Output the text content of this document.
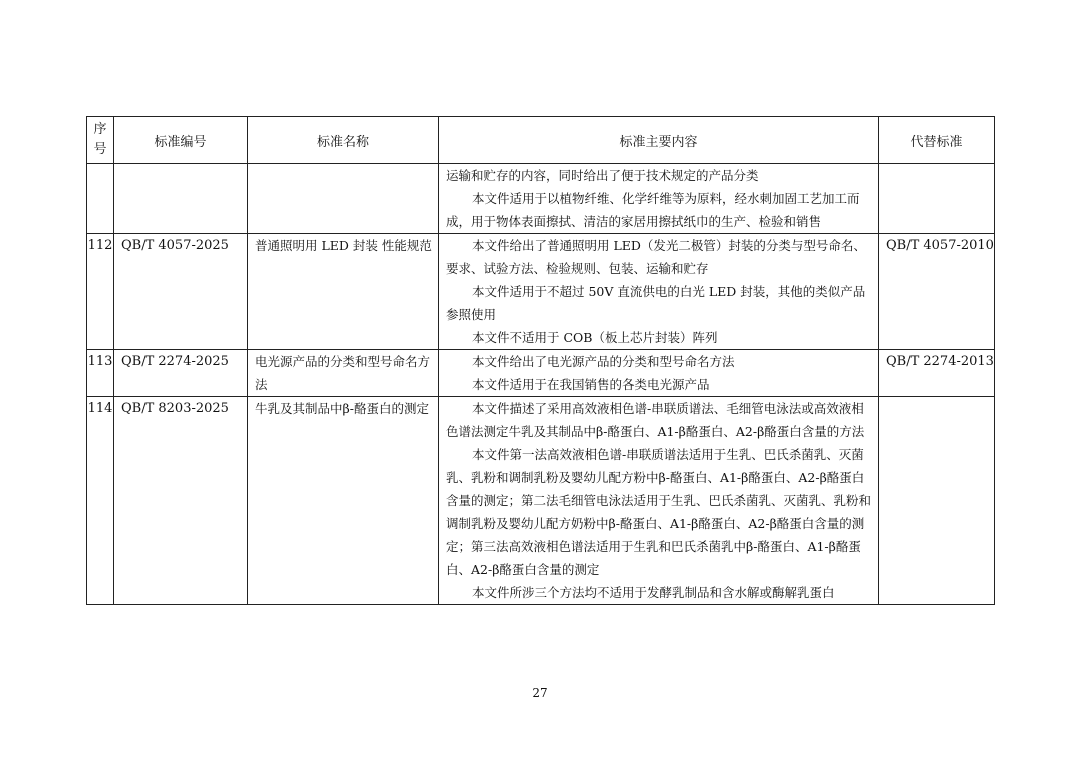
序
号	标准编号	标准名称	标准主要内容	代替标准

			运输和贮存的内容，同时给出了便于技术规定的产品分类
本文件适用于以植物纤维、化学纤维等为原料，经水刺加固工艺加工而成，用于物体表面擦拭、清洁的家居用擦拭纸巾的生产、检验和销售	

112	QB/T 4057-2025	普通照明用 LED 封装 性能规范	本文件给出了普通照明用 LED（发光二极管）封装的分类与型号命名、要求、试验方法、检验规则、包装、运输和贮存
本文件适用于不超过 50V 直流供电的白光 LED 封装，其他的类似产品参照使用
本文件不适用于 COB（板上芯片封装）阵列	QB/T 4057-2010
113	QB/T 2274-2025	电光源产品的分类和型号命名方法	本文件给出了电光源产品的分类和型号命名方法
本文件适用于在我国销售的各类电光源产品	QB/T 2274-2013
114	QB/T 8203-2025	牛乳及其制品中β-酪蛋白的测定	本文件描述了采用高效液相色谱-串联质谱法、毛细管电泳法或高效液相色谱法测定牛乳及其制品中β-酪蛋白、A1-β酪蛋白、A2-β酪蛋白含量的方法
本文件第一法高效液相色谱-串联质谱法适用于生乳、巴氏杀菌乳、灭菌乳、乳粉和调制乳粉及婴幼儿配方粉中β-酪蛋白、A1-β酪蛋白、A2-β酪蛋白含量的测定；第二法毛细管电泳法适用于生乳、巴氏杀菌乳、灭菌乳、乳粉和调制乳粉及婴幼儿配方奶粉中β-酪蛋白、A1-β酪蛋白、A2-β酪蛋白含量的测定；第三法高效液相色谱法适用于生乳和巴氏杀菌乳中β-酪蛋白、A1-β酪蛋白、A2-β酪蛋白含量的测定
本文件所涉三个方法均不适用于发酵乳制品和含水解或酶解乳蛋白	

27
